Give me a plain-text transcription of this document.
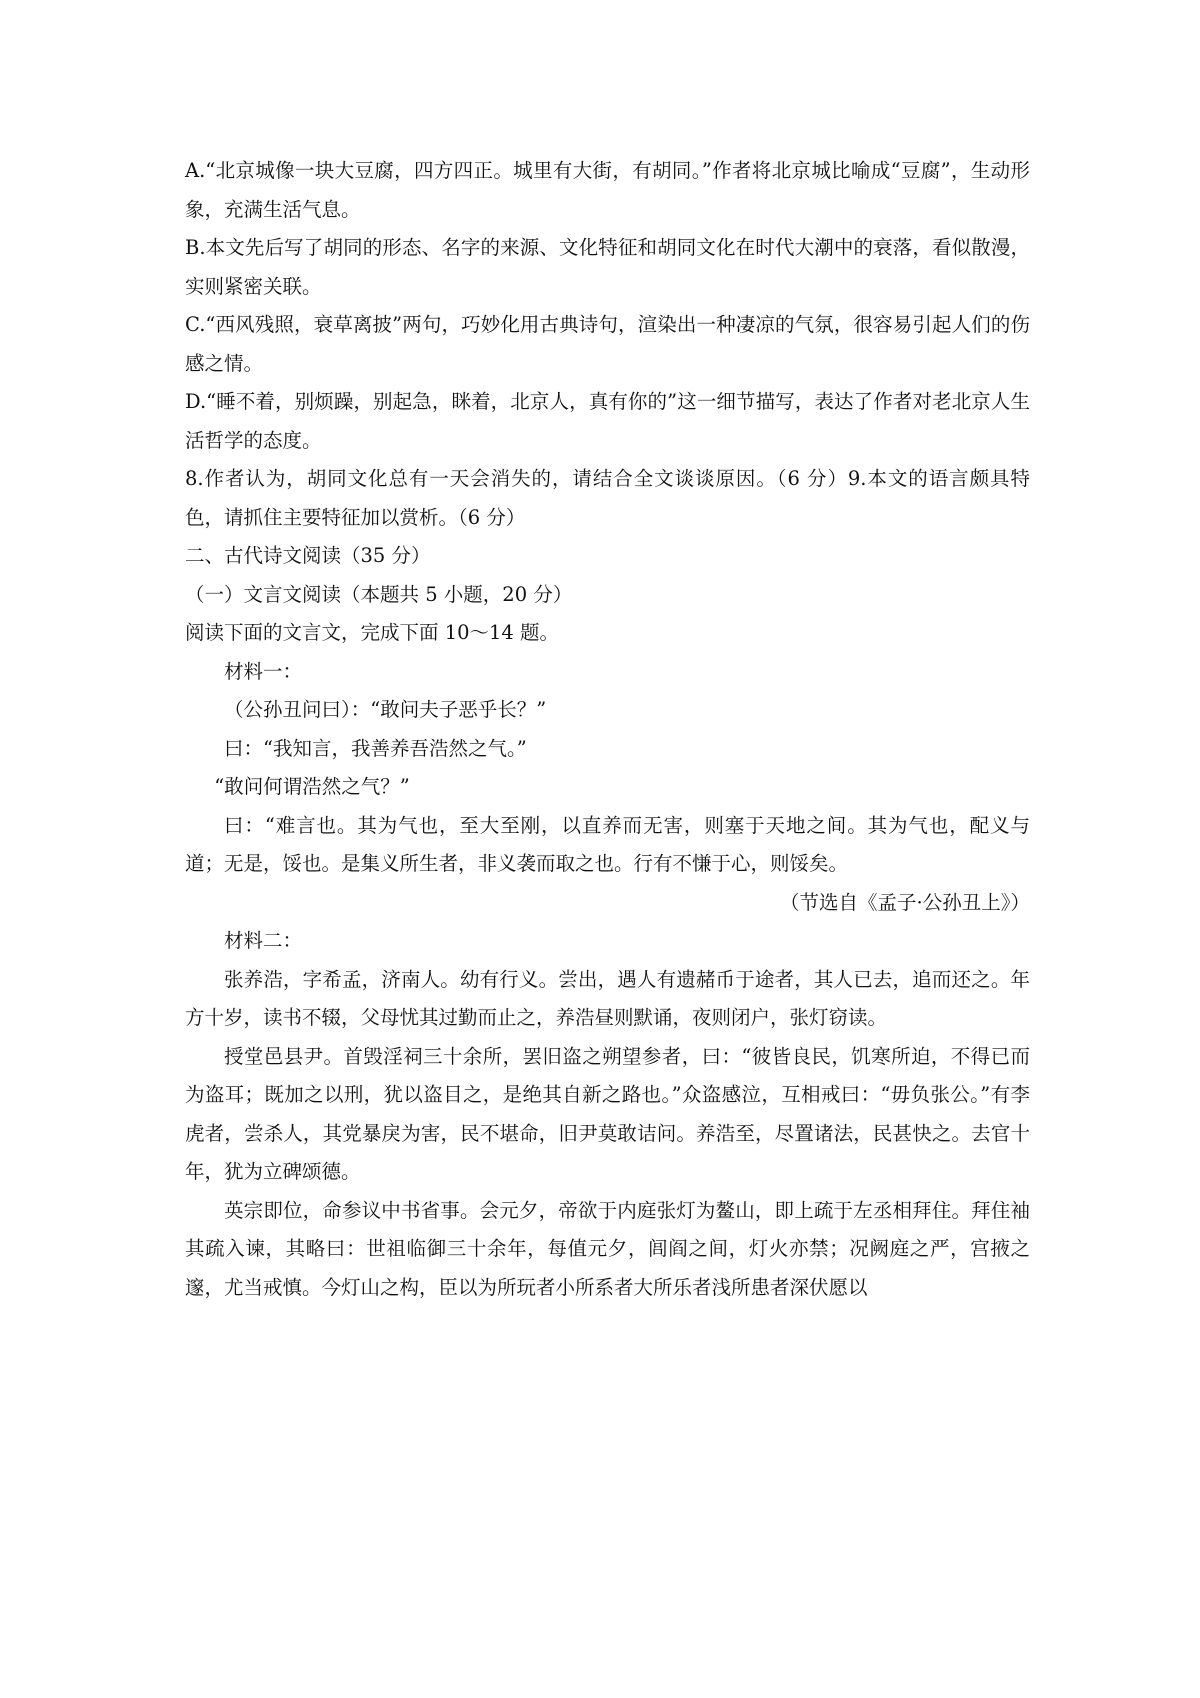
A.“北京城像一块大豆腐，四方四正。城里有大街，有胡同。”作者将北京城比喻成“豆腐”，生动形象，充满生活气息。

B.本文先后写了胡同的形态、名字的来源、文化特征和胡同文化在时代大潮中的衰落，看似散漫，实则紧密关联。

C.“西风残照，衰草离披”两句，巧妙化用古典诗句，渲染出一种凄凉的气氛，很容易引起人们的伤感之情。

D.“睡不着，别烦躁，别起急，眯着，北京人，真有你的”这一细节描写，表达了作者对老北京人生活哲学的态度。

8.作者认为，胡同文化总有一天会消失的，请结合全文谈谈原因。（6 分）9.本文的语言颇具特色，请抓住主要特征加以赏析。（6 分）

二、古代诗文阅读（35 分）

（一）文言文阅读（本题共 5 小题，20 分）

阅读下面的文言文，完成下面 10～14 题。

材料一：

（公孙丑问曰）：“敢问夫子恶乎长？”

曰：“我知言，我善养吾浩然之气。”

“敢问何谓浩然之气？”

曰：“难言也。其为气也，至大至刚，以直养而无害，则塞于天地之间。其为气也，配义与道；无是，馁也。是集义所生者，非义袭而取之也。行有不慊于心，则馁矣。

（节选自《孟子·公孙丑上》）

材料二：

张养浩，字希孟，济南人。幼有行义。尝出，遇人有遗赭币于途者，其人已去，追而还之。年方十岁，读书不辍，父母忧其过勤而止之，养浩昼则默诵，夜则闭户，张灯窃读。

授堂邑县尹。首毁淫祠三十余所，罢旧盗之朔望参者，曰：“彼皆良民，饥寒所迫，不得已而为盗耳；既加之以刑，犹以盗目之，是绝其自新之路也。”众盗感泣，互相戒曰：“毋负张公。”有李虎者，尝杀人，其党暴戾为害，民不堪命，旧尹莫敢诘问。养浩至，尽置诸法，民甚快之。去官十年，犹为立碑颂德。

英宗即位，命参议中书省事。会元夕，帝欲于内庭张灯为鳌山，即上疏于左丞相拜住。拜住袖其疏入谏，其略曰：世祖临御三十余年，每值元夕，闾阎之间，灯火亦禁；况阙庭之严，宫掖之邃，尤当戒慎。今灯山之构，臣以为所玩者小所系者大所乐者浅所患者深伏愿以
